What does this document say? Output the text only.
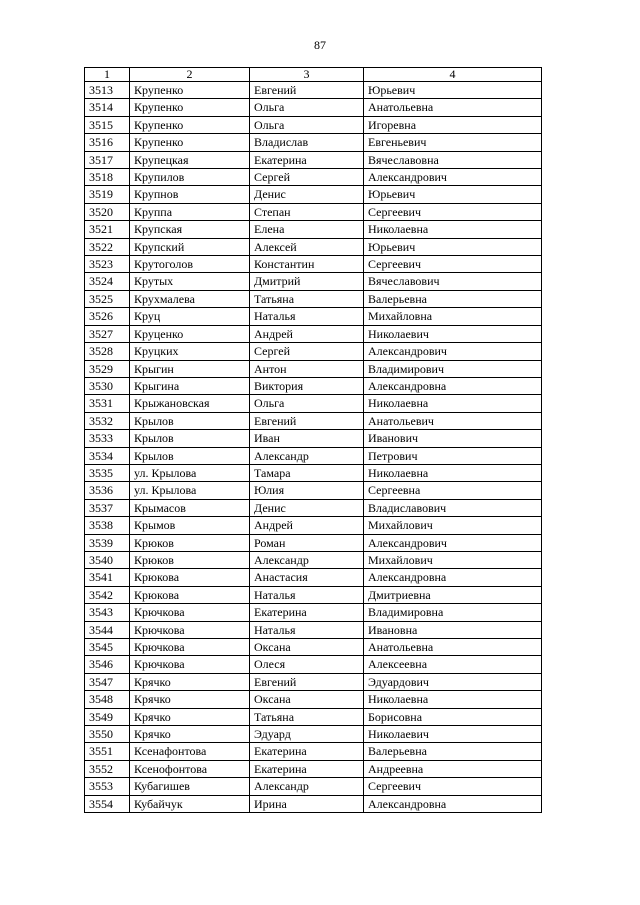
87
1	2	3	4
3513	Крупенко	Евгений	Юрьевич
3514	Крупенко	Ольга	Анатольевна
3515	Крупенко	Ольга	Игоревна
3516	Крупенко	Владислав	Евгеньевич
3517	Крупецкая	Екатерина	Вячеславовна
3518	Крупилов	Сергей	Александрович
3519	Крупнов	Денис	Юрьевич
3520	Круппа	Степан	Сергеевич
3521	Крупская	Елена	Николаевна
3522	Крупский	Алексей	Юрьевич
3523	Крутоголов	Константин	Сергеевич
3524	Крутых	Дмитрий	Вячеславович
3525	Крухмалева	Татьяна	Валерьевна
3526	Круц	Наталья	Михайловна
3527	Круценко	Андрей	Николаевич
3528	Круцких	Сергей	Александрович
3529	Крыгин	Антон	Владимирович
3530	Крыгина	Виктория	Александровна
3531	Крыжановская	Ольга	Николаевна
3532	Крылов	Евгений	Анатольевич
3533	Крылов	Иван	Иванович
3534	Крылов	Александр	Петрович
3535	ул. Крылова	Тамара	Николаевна
3536	ул. Крылова	Юлия	Сергеевна
3537	Крымасов	Денис	Владиславович
3538	Крымов	Андрей	Михайлович
3539	Крюков	Роман	Александрович
3540	Крюков	Александр	Михайлович
3541	Крюкова	Анастасия	Александровна
3542	Крюкова	Наталья	Дмитриевна
3543	Крючкова	Екатерина	Владимировна
3544	Крючкова	Наталья	Ивановна
3545	Крючкова	Оксана	Анатольевна
3546	Крючкова	Олеся	Алексеевна
3547	Крячко	Евгений	Эдуардович
3548	Крячко	Оксана	Николаевна
3549	Крячко	Татьяна	Борисовна
3550	Крячко	Эдуард	Николаевич
3551	Ксенафонтова	Екатерина	Валерьевна
3552	Ксенофонтова	Екатерина	Андреевна
3553	Кубагишев	Александр	Сергеевич
3554	Кубайчук	Ирина	Александровна
